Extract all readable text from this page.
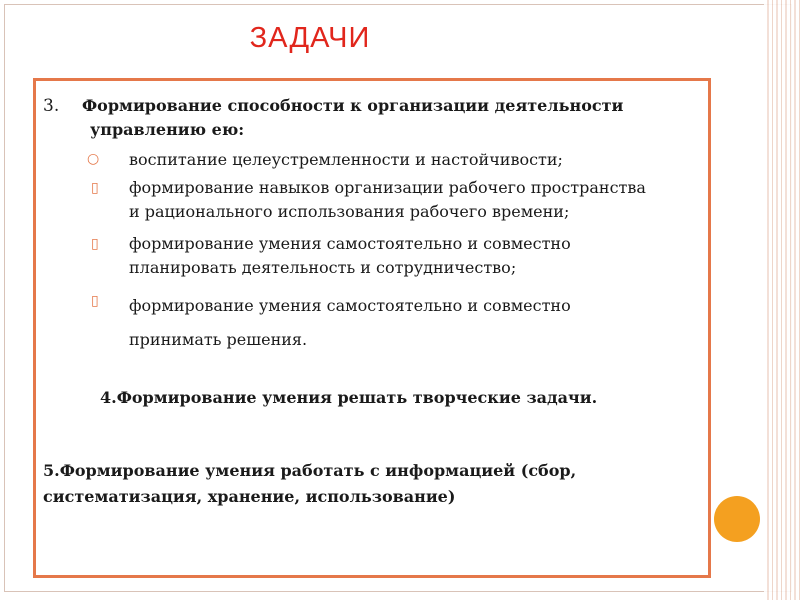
ЗАДАЧИ
3. Формирование способности к организации деятельности
управлению ею:
○ воспитание целеустремленности и настойчивости;
▯ формирование навыков организации рабочего пространства
и рационального использования рабочего времени;
▯ формирование умения самостоятельно и совместно
планировать деятельность и сотрудничество;
▯ формирование умения самостоятельно и совместно
принимать решения.
4.Формирование умения решать творческие задачи.
5.Формирование умения работать с информацией (сбор,
систематизация, хранение, использование)
